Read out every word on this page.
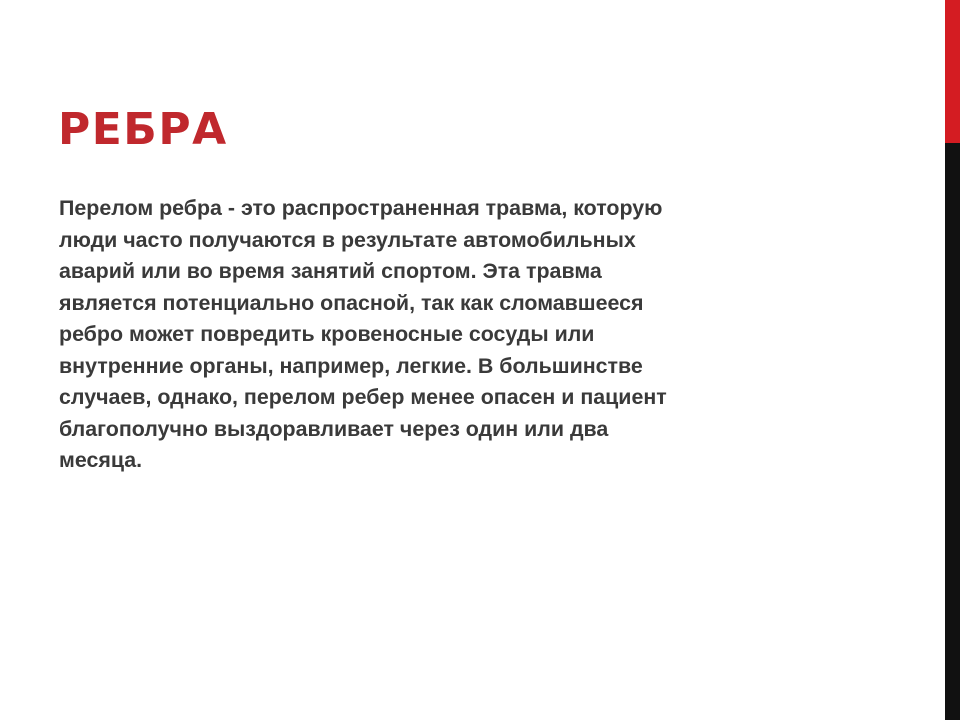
РЕБРА
Перелом ребра - это распространенная травма, которую
люди часто получаются в результате автомобильных
аварий или во время занятий спортом. Эта травма
является потенциально опасной, так как сломавшееся
ребро может повредить кровеносные сосуды или
внутренние органы, например, легкие. В большинстве
случаев, однако, перелом ребер менее опасен и пациент
благополучно выздоравливает через один или два
месяца.
